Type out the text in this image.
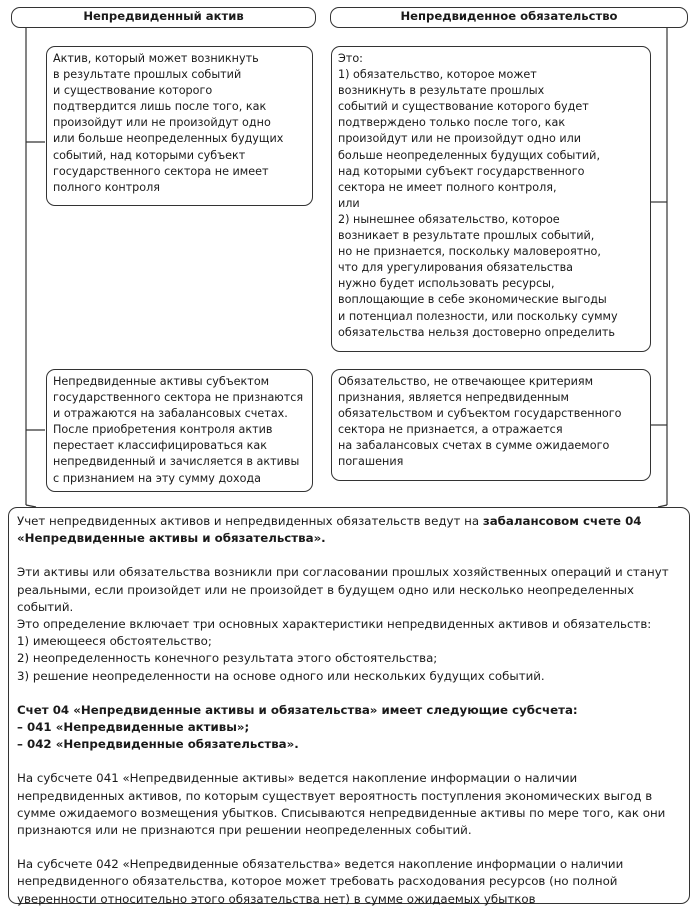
Непредвиденный актив	Непредвиденное обязательство
Актив, который может возникнуть
в результате прошлых событий
и существование которого
подтвердится лишь после того, как
произойдут или не произойдут одно
или больше неопределенных будущих
событий, над которыми субъект
государственного сектора не имеет
полного контроля
Непредвиденные активы субъектом
государственного сектора не признаются
и отражаются на забалансовых счетах.
После приобретения контроля актив
перестает классифицироваться как
непредвиденный и зачисляется в активы
с признанием на эту сумму дохода
Это:
1) обязательство, которое может
возникнуть в результате прошлых
событий и существование которого будет
подтверждено только после того, как
произойдут или не произойдут одно или
больше неопределенных будущих событий,
над которыми субъект государственного
сектора не имеет полного контроля,
или
2) нынешнее обязательство, которое
возникает в результате прошлых событий,
но не признается, поскольку маловероятно,
что для урегулирования обязательства
нужно будет использовать ресурсы,
воплощающие в себе экономические выгоды
и потенциал полезности, или поскольку сумму
обязательства нельзя достоверно определить
Обязательство, не отвечающее критериям
признания, является непредвиденным
обязательством и субъектом государственного
сектора не признается, а отражается
на забалансовых счетах в сумме ожидаемого
погашения

Учет непредвиденных активов и непредвиденных обязательств ведут на забалансовом счете 04 «Непредвиденные активы и обязательства».

Эти активы или обязательства возникли при согласовании прошлых хозяйственных операций и станут реальными, если произойдет или не произойдет в будущем одно или несколько неопределенных событий.

Это определение включает три основных характеристики непредвиденных активов и обязательств:

1) имеющееся обстоятельство;

2) неопределенность конечного результата этого обстоятельства;

3) решение неопределенности на основе одного или нескольких будущих событий.

Счет 04 «Непредвиденные активы и обязательства» имеет следующие субсчета:

– 041 «Непредвиденные активы»;

– 042 «Непредвиденные обязательства».

На субсчете 041 «Непредвиденные активы» ведется накопление информации о наличии непредвиденных активов, по которым существует вероятность поступления экономических выгод в сумме ожидаемого возмещения убытков. Списываются непредвиденные активы по мере того, как они признаются или не признаются при решении неопределенных событий.

На субсчете 042 «Непредвиденные обязательства» ведется накопление информации о наличии непредвиденного обязательства, которое может требовать расходования ресурсов (но полной уверенности относительно этого обязательства нет) в сумме ожидаемых убытков
